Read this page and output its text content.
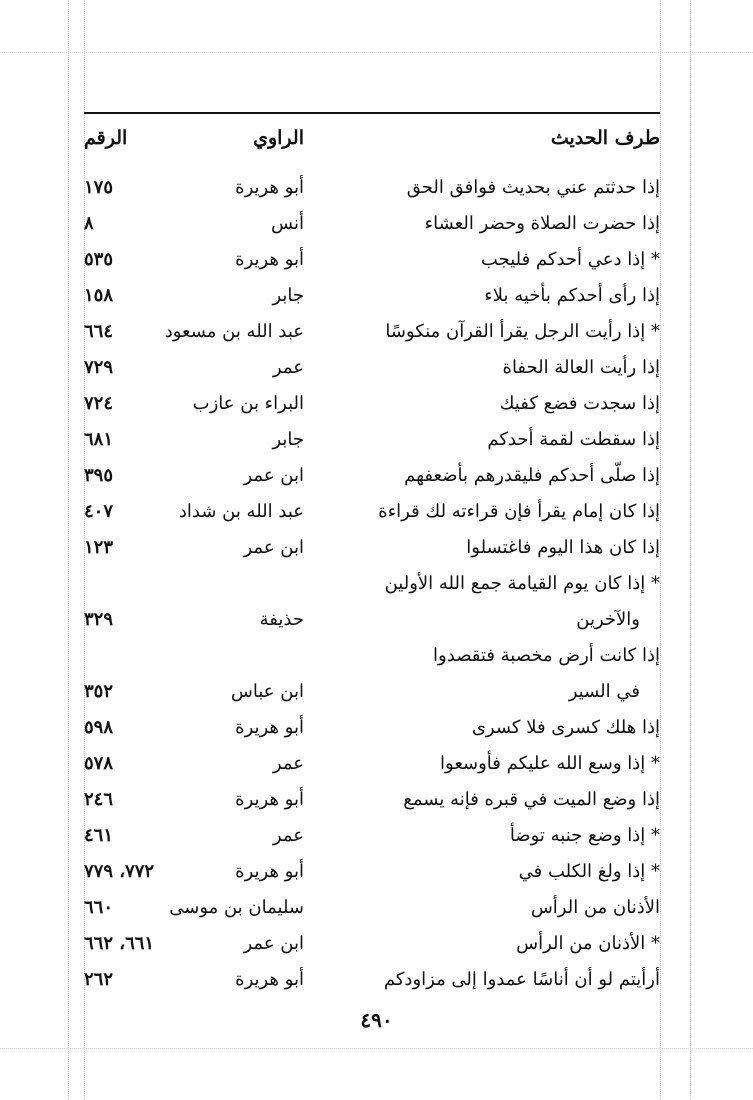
طرف الحديث
الراوي
الرقم
إذا حدثتم عني بحديث فوافق الحق
أبو هريرة
١٧٥
إذا حضرت الصلاة وحضر العشاء
أنس
٨
* إذا دعي أحدكم فليجب
أبو هريرة
٥٣٥
إذا رأى أحدكم بأخيه بلاء
جابر
١٥٨
* إذا رأيت الرجل يقرأ القرآن منكوسًا
عبد الله بن مسعود
٦٦٤
إذا رأيت العالة الحفاة
عمر
٧٢٩
إذا سجدت فضع كفيك
البراء بن عازب
٧٢٤
إذا سقطت لقمة أحدكم
جابر
٦٨١
إذا صلّى أحدكم فليقدرهم بأضعفهم
ابن عمر
٣٩٥
إذا كان إمام يقرأ فإن قراءته لك قراءة
عبد الله بن شداد
٤٠٧
إذا كان هذا اليوم فاغتسلوا
ابن عمر
١٢٣
* إذا كان يوم القيامة جمع الله الأولين
والآخرين
حذيفة
٣٢٩
إذا كانت أرض مخصبة فتقصدوا
في السير
ابن عباس
٣٥٢
إذا هلك كسرى فلا كسرى
أبو هريرة
٥٩٨
* إذا وسع الله عليكم فأوسعوا
عمر
٥٧٨
إذا وضع الميت في قبره فإنه يسمع
أبو هريرة
٢٤٦
* إذا وضع جنبه توضأ
عمر
٤٦١
* إذا ولغ الكلب في
أبو هريرة
٧٧٢، ٧٧٩
الأذنان من الرأس
سليمان بن موسى
٦٦٠
* الأذنان من الرأس
ابن عمر
٦٦١، ٦٦٢
أرأيتم لو أن أناسًا عمدوا إلى مزاودكم
أبو هريرة
٢٦٢
٤٩٠
